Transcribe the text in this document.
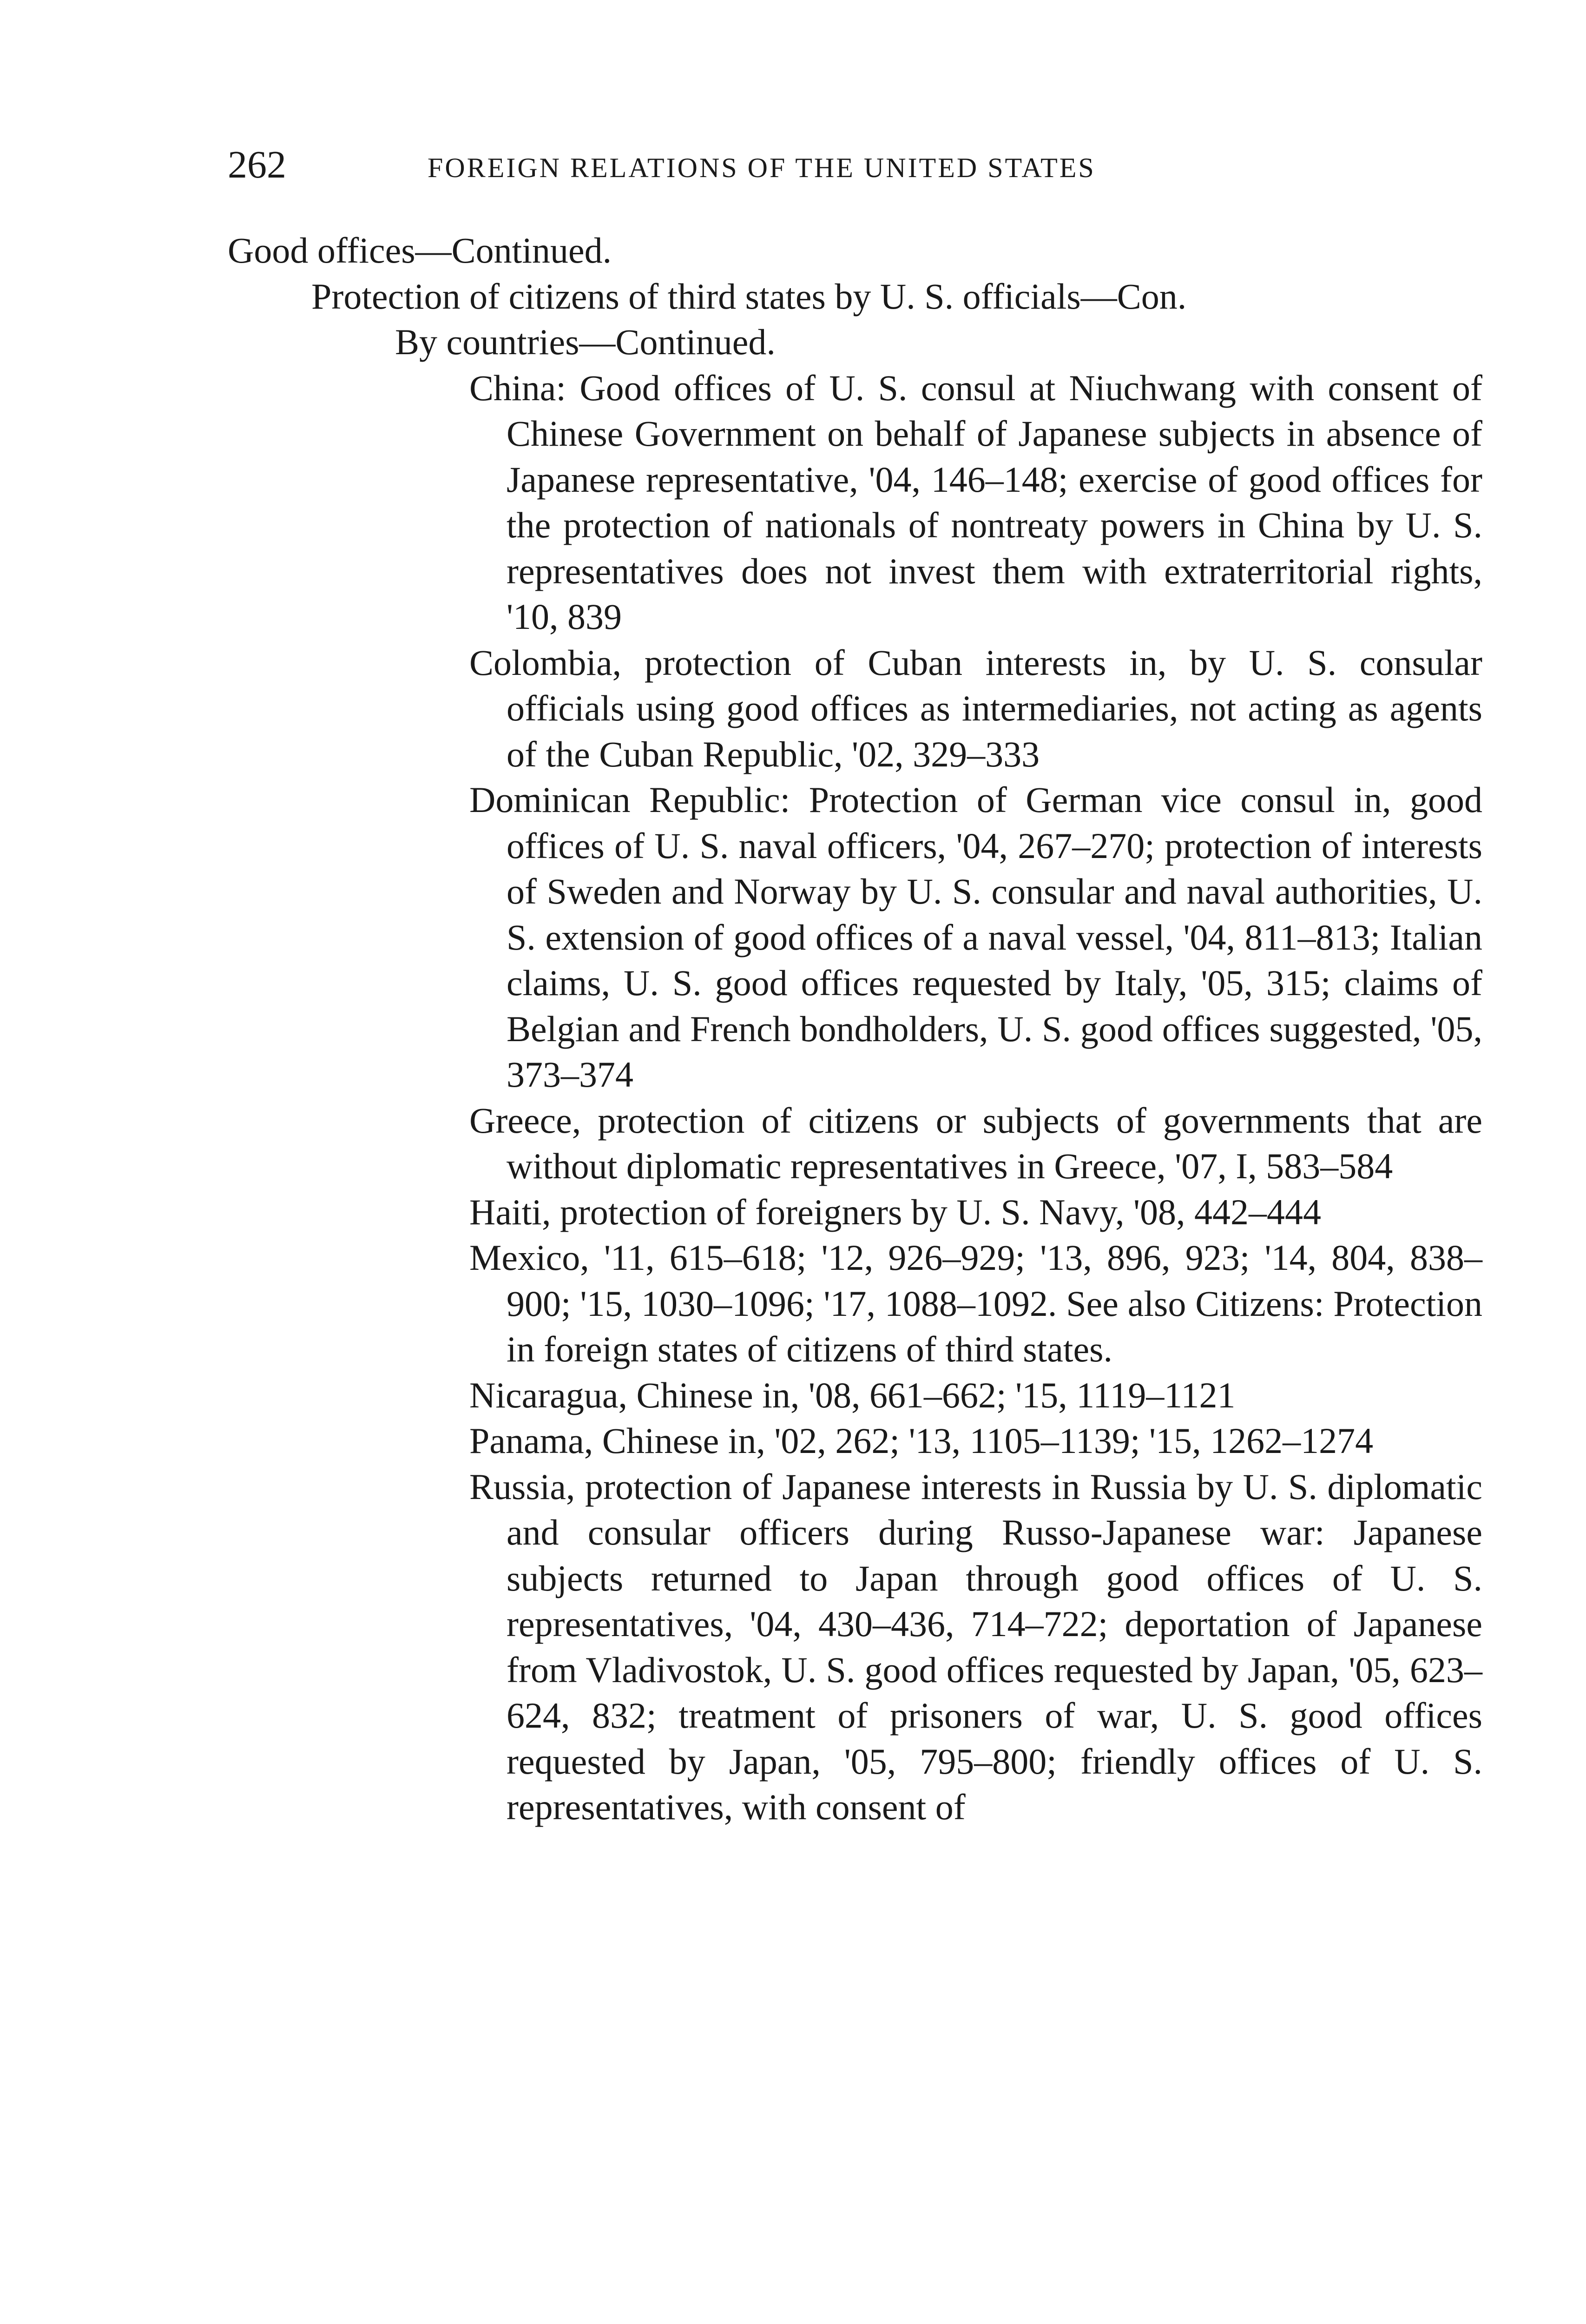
262	FOREIGN RELATIONS OF THE UNITED STATES
Good offices—Continued.
Protection of citizens of third states by U. S. officials—Con.
By countries—Continued.
China: Good offices of U. S. consul at Niuchwang with consent of Chinese Government on behalf of Japanese subjects in absence of Japanese representative, '04, 146–148; exercise of good offices for the protection of nationals of nontreaty powers in China by U. S. representatives does not invest them with extraterritorial rights, '10, 839
Colombia, protection of Cuban interests in, by U. S. consular officials using good offices as intermediaries, not acting as agents of the Cuban Republic, '02, 329–333
Dominican Republic: Protection of German vice consul in, good offices of U. S. naval officers, '04, 267–270; protection of interests of Sweden and Norway by U. S. consular and naval authorities, U. S. extension of good offices of a naval vessel, '04, 811–813; Italian claims, U. S. good offices requested by Italy, '05, 315; claims of Belgian and French bondholders, U. S. good offices suggested, '05, 373–374
Greece, protection of citizens or subjects of governments that are without diplomatic representatives in Greece, '07, I, 583–584
Haiti, protection of foreigners by U. S. Navy, '08, 442–444
Mexico, '11, 615–618; '12, 926–929; '13, 896, 923; '14, 804, 838–900; '15, 1030–1096; '17, 1088–1092. See also Citizens: Protection in foreign states of citizens of third states.
Nicaragua, Chinese in, '08, 661–662; '15, 1119–1121
Panama, Chinese in, '02, 262; '13, 1105–1139; '15, 1262–1274
Russia, protection of Japanese interests in Russia by U. S. diplomatic and consular officers during Russo-Japanese war: Japanese subjects returned to Japan through good offices of U. S. representatives, '04, 430–436, 714–722; deportation of Japanese from Vladivostok, U. S. good offices requested by Japan, '05, 623–624, 832; treatment of prisoners of war, U. S. good offices requested by Japan, '05, 795–800; friendly offices of U. S. representatives, with consent of
